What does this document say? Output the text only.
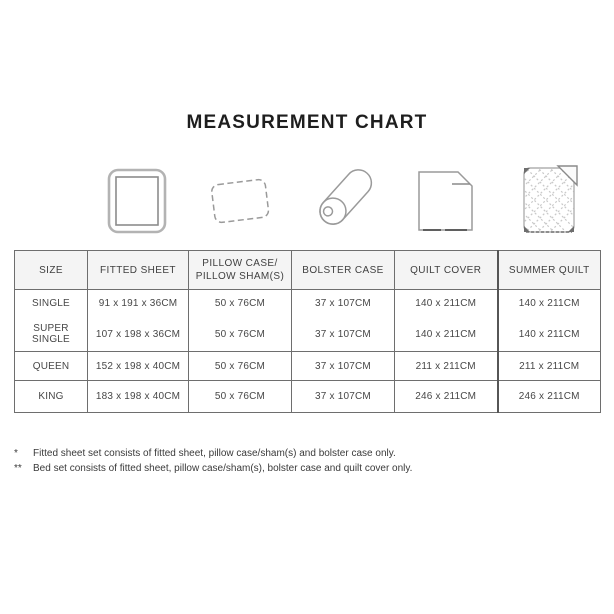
MEASUREMENT CHART
SIZE	FITTED SHEET	PILLOW CASE/
PILLOW SHAM(S)	BOLSTER CASE	QUILT COVER	SUMMER QUILT

SINGLE	91 x 191 x 36CM	50 x 76CM	37 x 107CM	140 x 211CM	140 x 211CM
SUPER SINGLE	107 x 198 x 36CM	50 x 76CM	37 x 107CM	140 x 211CM	140 x 211CM
QUEEN	152 x 198 x 40CM	50 x 76CM	37 x 107CM	211 x 211CM	211 x 211CM
KING	183 x 198 x 40CM	50 x 76CM	37 x 107CM	246 x 211CM	246 x 211CM
*	Fitted sheet set consists of fitted sheet, pillow case/sham(s) and bolster case only.
**	Bed set consists of fitted sheet, pillow case/sham(s), bolster case and quilt cover only.
